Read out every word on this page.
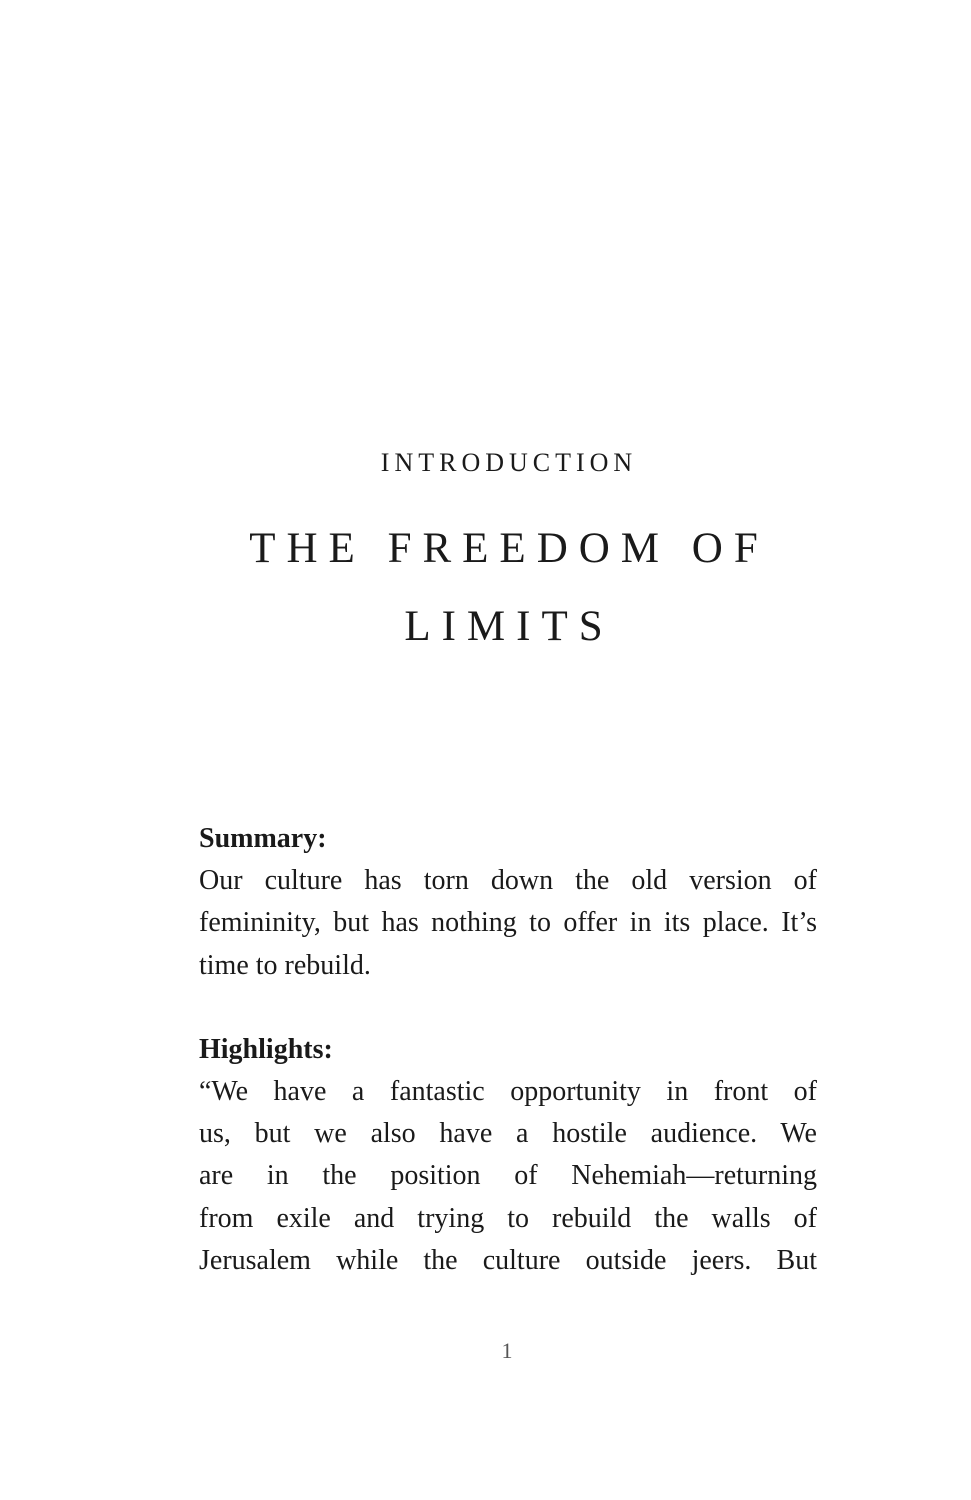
INTRODUCTION
THE FREEDOM OF
LIMITS

Summary:

Our culture has torn down the old version of femininity, but has nothing to offer in its place. It’s time to rebuild.

Highlights:

“We have a fantastic opportunity in front of
us, but we also have a hostile audience. We
are in the position of Nehemiah—returning
from exile and trying to rebuild the walls of
Jerusalem while the culture outside jeers. But

1
